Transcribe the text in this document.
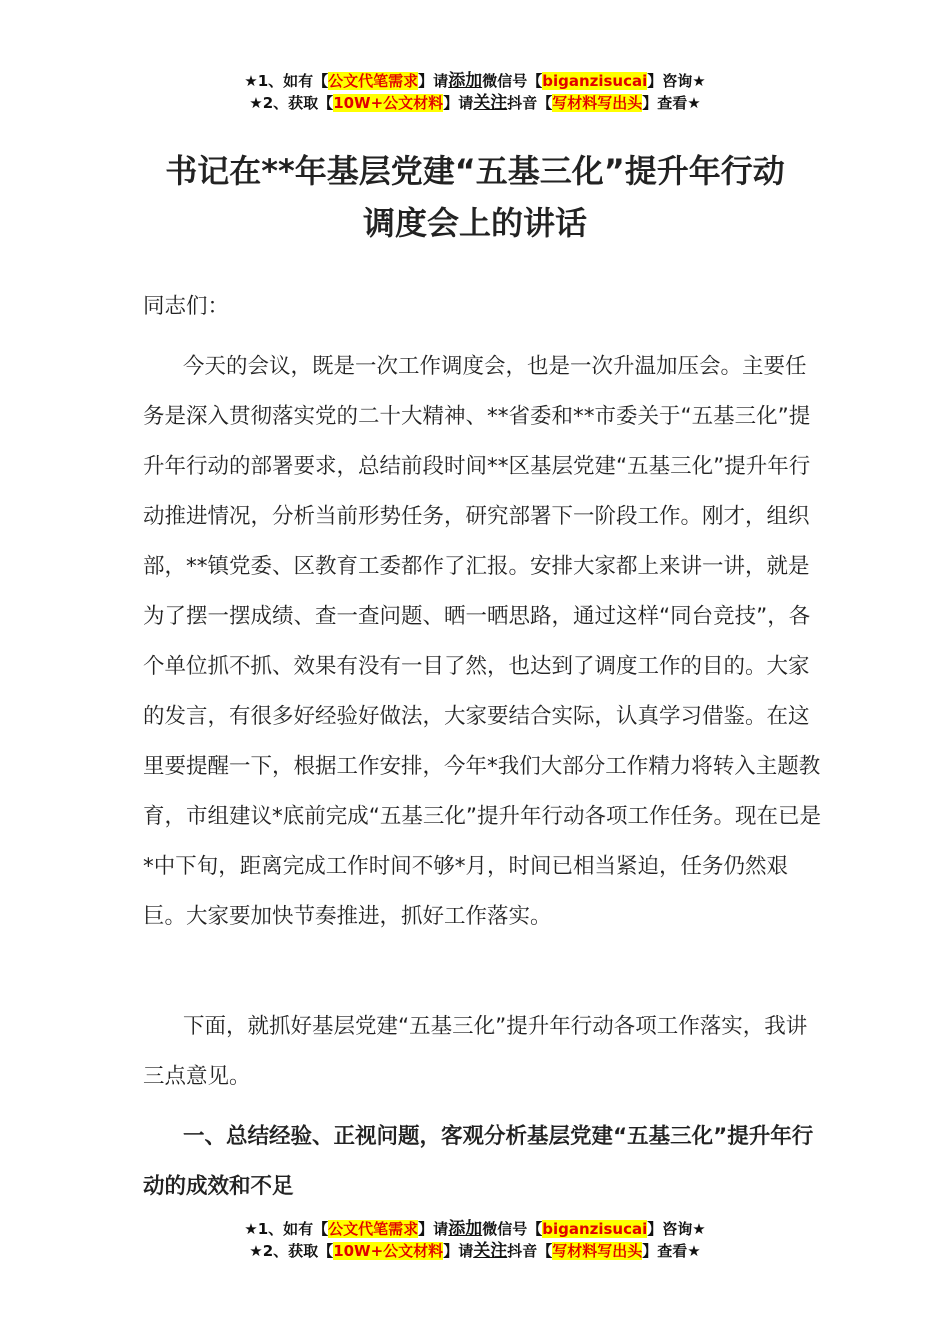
★1、如有【公文代笔需求】请添加微信号【biganzisucai】咨询★
★2、获取【10W+公文材料】请关注抖音【写材料写出头】查看★
书记在**年基层党建“五基三化”提升年行动
调度会上的讲话

同志们：

今天的会议，既是一次工作调度会，也是一次升温加压会。主要任务是深入贯彻落实党的二十大精神、**省委和**市委关于“五基三化”提升年行动的部署要求，总结前段时间**区基层党建“五基三化”提升年行动推进情况，分析当前形势任务，研究部署下一阶段工作。刚才，组织部，**镇党委、区教育工委都作了汇报。安排大家都上来讲一讲，就是为了摆一摆成绩、查一查问题、晒一晒思路，通过这样“同台竞技”，各个单位抓不抓、效果有没有一目了然，也达到了调度工作的目的。大家的发言，有很多好经验好做法，大家要结合实际，认真学习借鉴。在这里要提醒一下，根据工作安排，今年*我们大部分工作精力将转入主题教育，市组建议*底前完成“五基三化”提升年行动各项工作任务。现在已是*中下旬，距离完成工作时间不够*月，时间已相当紧迫，任务仍然艰巨。大家要加快节奏推进，抓好工作落实。

下面，就抓好基层党建“五基三化”提升年行动各项工作落实，我讲三点意见。

一、总结经验、正视问题，客观分析基层党建“五基三化”提升年行动的成效和不足

★1、如有【公文代笔需求】请添加微信号【biganzisucai】咨询★
★2、获取【10W+公文材料】请关注抖音【写材料写出头】查看★
